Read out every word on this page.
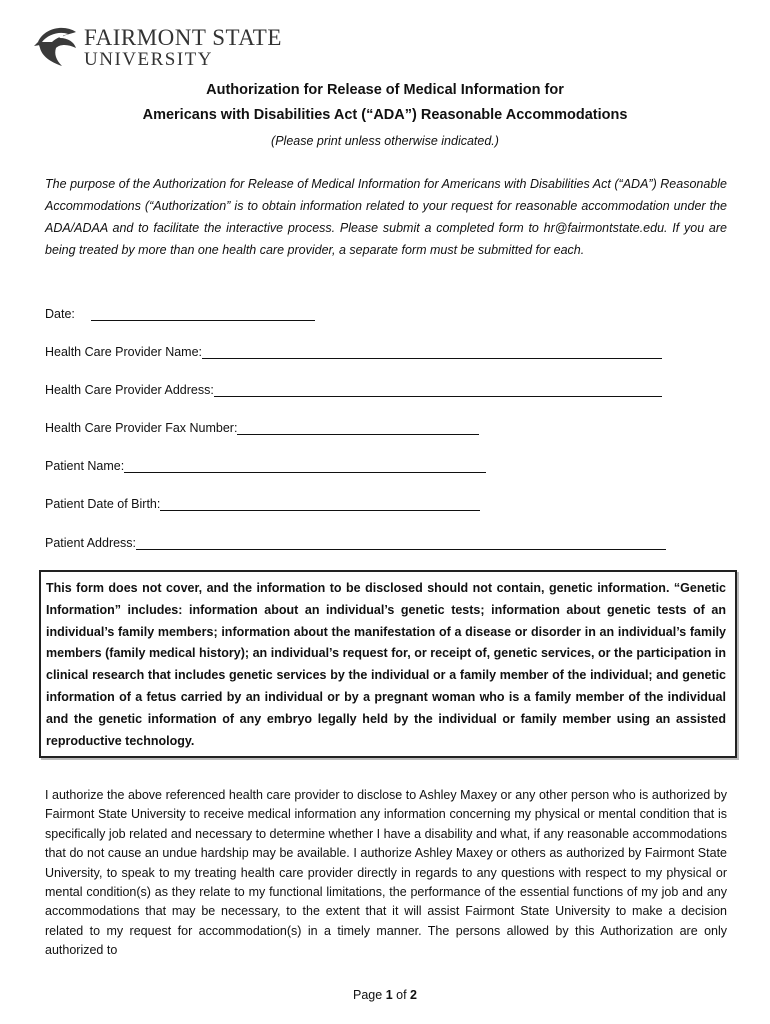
FAIRMONT STATE
UNIVERSITY
Authorization for Release of Medical Information for
Americans with Disabilities Act (“ADA”) Reasonable Accommodations
(Please print unless otherwise indicated.)
The purpose of the Authorization for Release of Medical Information for Americans with Disabilities Act (“ADA”) Reasonable Accommodations (“Authorization” is to obtain information related to your request for reasonable accommodation under the ADA/ADAA and to facilitate the interactive process. Please submit a completed form to hr@fairmontstate.edu. If you are being treated by more than one health care provider, a separate form must be submitted for each.
Date:
Health Care Provider Name:
Health Care Provider Address:
Health Care Provider Fax Number:
Patient Name:
Patient Date of Birth:
Patient Address:
This form does not cover, and the information to be disclosed should not contain, genetic information. “Genetic Information” includes: information about an individual’s genetic tests; information about genetic tests of an individual’s family members; information about the manifestation of a disease or disorder in an individual’s family members (family medical history); an individual’s request for, or receipt of, genetic services, or the participation in clinical research that includes genetic services by the individual or a family member of the individual; and genetic information of a fetus carried by an individual or by a pregnant woman who is a family member of the individual and the genetic information of any embryo legally held by the individual or family member using an assisted reproductive technology.
I authorize the above referenced health care provider to disclose to Ashley Maxey or any other person who is authorized by Fairmont State University to receive medical information any information concerning my physical or mental condition that is specifically job related and necessary to determine whether I have a disability and what, if any reasonable accommodations that do not cause an undue hardship may be available. I authorize Ashley Maxey or others as authorized by Fairmont State University, to speak to my treating health care provider directly in regards to any questions with respect to my physical or mental condition(s) as they relate to my functional limitations, the performance of the essential functions of my job and any accommodations that may be necessary, to the extent that it will assist Fairmont State University to make a decision related to my request for accommodation(s) in a timely manner. The persons allowed by this Authorization are only authorized to
Page 1 of 2
